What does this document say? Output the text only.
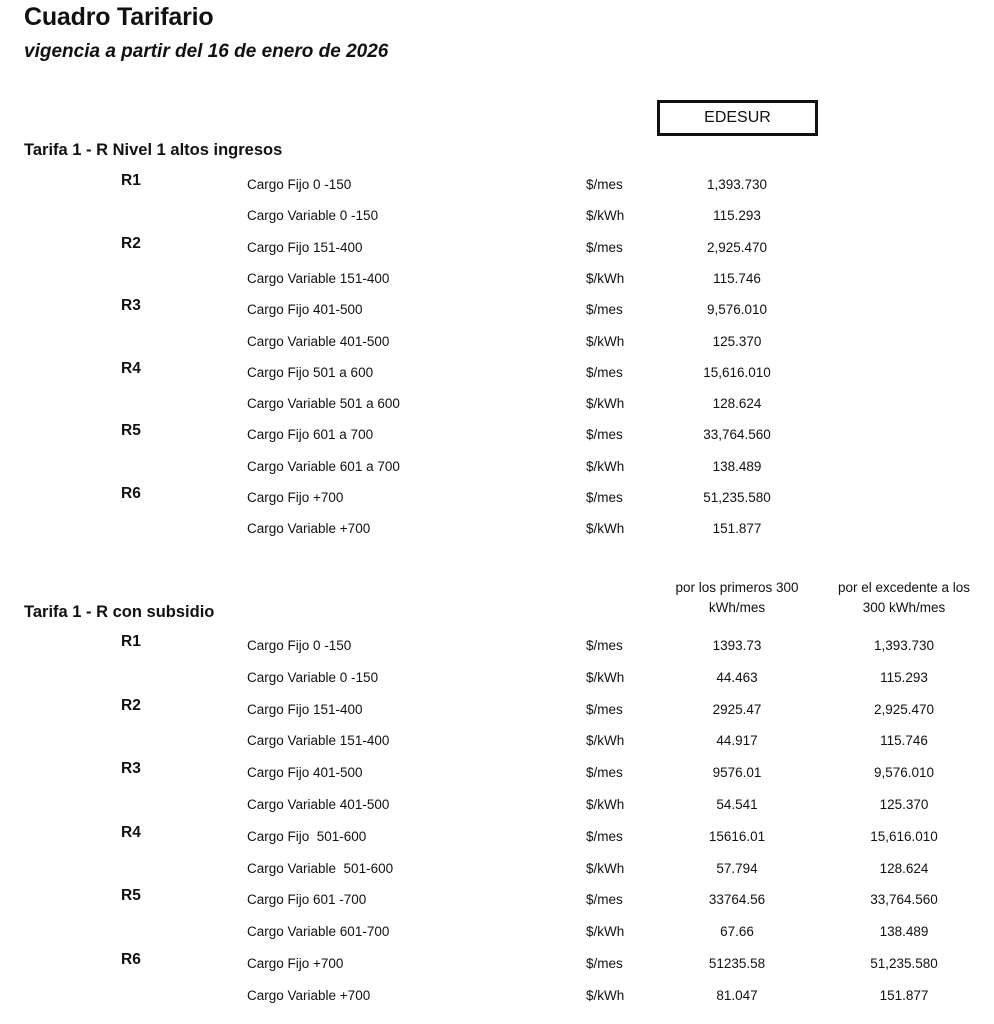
Cuadro Tarifario
vigencia a partir del 16 de enero de 2026
EDESUR
Tarifa 1 - R Nivel 1 altos ingresos
R1	Cargo Fijo 0 -150	$/mes	1,393.730
Cargo Variable 0 -150	$/kWh	115.293
R2	Cargo Fijo 151-400	$/mes	2,925.470
Cargo Variable 151-400	$/kWh	115.746
R3	Cargo Fijo 401-500	$/mes	9,576.010
Cargo Variable 401-500	$/kWh	125.370
R4	Cargo Fijo 501 a 600	$/mes	15,616.010
Cargo Variable 501 a 600	$/kWh	128.624
R5	Cargo Fijo 601 a 700	$/mes	33,764.560
Cargo Variable 601 a 700	$/kWh	138.489
R6	Cargo Fijo +700	$/mes	51,235.580
Cargo Variable +700	$/kWh	151.877
por los primeros 300
kWh/mes
por el excedente a los
300 kWh/mes
Tarifa 1 - R con subsidio
R1	Cargo Fijo 0 -150	$/mes	1393.73	1,393.730
Cargo Variable 0 -150	$/kWh	44.463	115.293
R2	Cargo Fijo 151-400	$/mes	2925.47	2,925.470
Cargo Variable 151-400	$/kWh	44.917	115.746
R3	Cargo Fijo 401-500	$/mes	9576.01	9,576.010
Cargo Variable 401-500	$/kWh	54.541	125.370
R4	Cargo Fijo  501-600	$/mes	15616.01	15,616.010
Cargo Variable  501-600	$/kWh	57.794	128.624
R5	Cargo Fijo 601 -700	$/mes	33764.56	33,764.560
Cargo Variable 601-700	$/kWh	67.66	138.489
R6	Cargo Fijo +700	$/mes	51235.58	51,235.580
Cargo Variable +700	$/kWh	81.047	151.877
